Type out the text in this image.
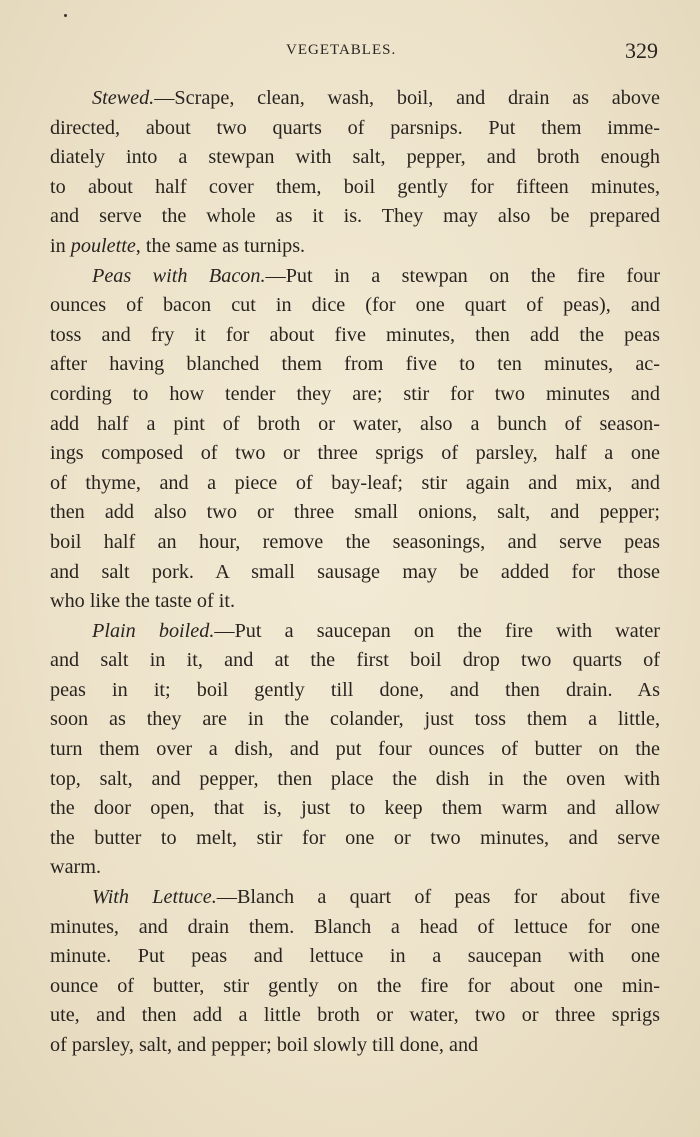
VEGETABLES.	329
Stewed.—Scrape, clean, wash, boil, and drain as above
directed, about two quarts of parsnips. Put them imme-
diately into a stewpan with salt, pepper, and broth enough
to about half cover them, boil gently for fifteen minutes,
and serve the whole as it is. They may also be prepared
in poulette, the same as turnips.
Peas with Bacon.—Put in a stewpan on the fire four
ounces of bacon cut in dice (for one quart of peas), and
toss and fry it for about five minutes, then add the peas
after having blanched them from five to ten minutes, ac-
cording to how tender they are; stir for two minutes and
add half a pint of broth or water, also a bunch of season-
ings composed of two or three sprigs of parsley, half a one
of thyme, and a piece of bay-leaf; stir again and mix, and
then add also two or three small onions, salt, and pepper;
boil half an hour, remove the seasonings, and serve peas
and salt pork. A small sausage may be added for those
who like the taste of it.
Plain boiled.—Put a saucepan on the fire with water
and salt in it, and at the first boil drop two quarts of
peas in it; boil gently till done, and then drain. As
soon as they are in the colander, just toss them a little,
turn them over a dish, and put four ounces of butter on the
top, salt, and pepper, then place the dish in the oven with
the door open, that is, just to keep them warm and allow
the butter to melt, stir for one or two minutes, and serve
warm.
With Lettuce.—Blanch a quart of peas for about five
minutes, and drain them. Blanch a head of lettuce for one
minute. Put peas and lettuce in a saucepan with one
ounce of butter, stir gently on the fire for about one min-
ute, and then add a little broth or water, two or three sprigs
of parsley, salt, and pepper; boil slowly till done, and
